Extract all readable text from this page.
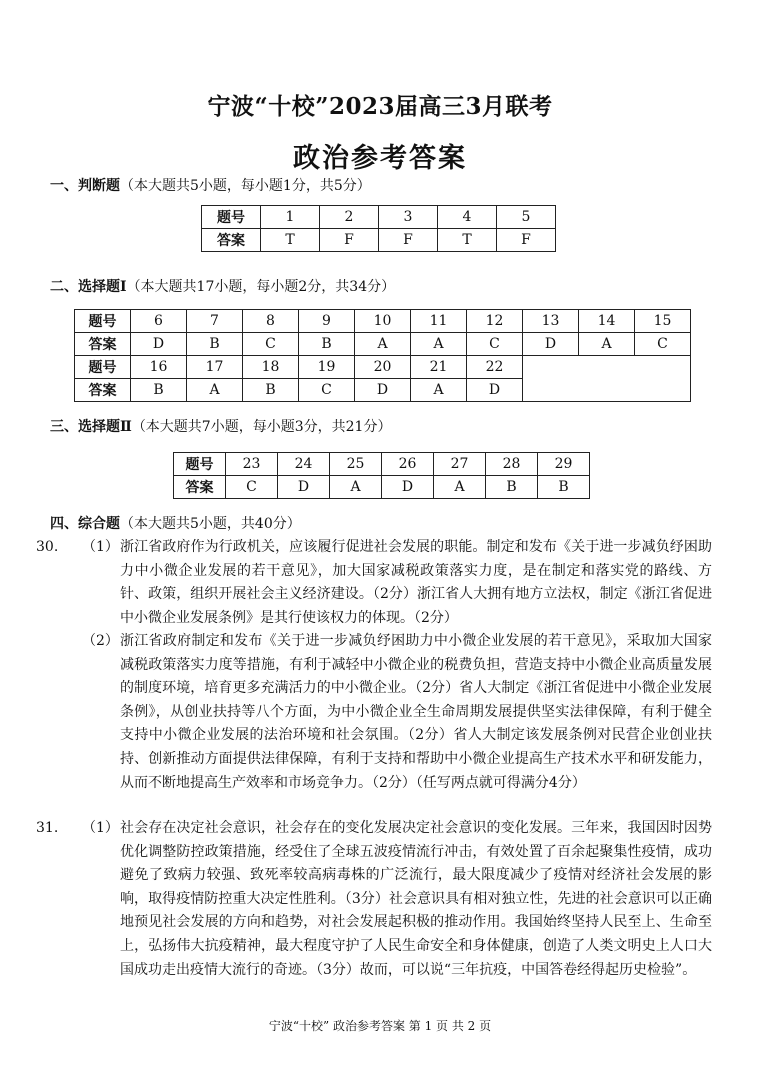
宁波“十校”2023届高三3月联考
政治参考答案
一、判断题（本大题共5小题，每小题1分，共5分）
题号	1	2	3	4	5
答案	T	F	F	T	F
二、选择题Ⅰ（本大题共17小题，每小题2分，共34分）
题号	6	7	8	9	10	11	12	13	14	15
答案	D	B	C	B	A	A	C	D	A	C
题号	16	17	18	19	20	21	22			
答案	B	A	B	C	D	A	D			
三、选择题Ⅱ（本大题共7小题，每小题3分，共21分）
题号	23	24	25	26	27	28	29
答案	C	D	A	D	A	B	B
四、综合题（本大题共5小题，共40分）
30. （1） 浙江省政府作为行政机关，应该履行促进社会发展的职能。制定和发布《关于进一步减负纾困助力中小微企业发展的若干意见》，加大国家减税政策落实力度，是在制定和落实党的路线、方针、政策，组织开展社会主义经济建设。（2分）浙江省人大拥有地方立法权，制定《浙江省促进中小微企业发展条例》是其行使该权力的体现。（2分）
（2） 浙江省政府制定和发布《关于进一步减负纾困助力中小微企业发展的若干意见》，采取加大国家减税政策落实力度等措施，有利于减轻中小微企业的税费负担，营造支持中小微企业高质量发展的制度环境，培育更多充满活力的中小微企业。（2分）省人大制定《浙江省促进中小微企业发展条例》，从创业扶持等八个方面，为中小微企业全生命周期发展提供坚实法律保障，有利于健全支持中小微企业发展的法治环境和社会氛围。（2分）省人大制定该发展条例对民营企业创业扶持、创新推动方面提供法律保障，有利于支持和帮助中小微企业提高生产技术水平和研发能力，从而不断地提高生产效率和市场竞争力。（2分）（任写两点就可得满分4分）
31. （1） 社会存在决定社会意识，社会存在的变化发展决定社会意识的变化发展。三年来，我国因时因势优化调整防控政策措施，经受住了全球五波疫情流行冲击，有效处置了百余起聚集性疫情，成功避免了致病力较强、致死率较高病毒株的广泛流行，最大限度减少了疫情对经济社会发展的影响，取得疫情防控重大决定性胜利。（3分）社会意识具有相对独立性，先进的社会意识可以正确地预见社会发展的方向和趋势，对社会发展起积极的推动作用。我国始终坚持人民至上、生命至上，弘扬伟大抗疫精神，最大程度守护了人民生命安全和身体健康，创造了人类文明史上人口大国成功走出疫情大流行的奇迹。（3分）故而，可以说“三年抗疫，中国答卷经得起历史检验”。
宁波“十校” 政治参考答案 第 1 页 共 2 页
